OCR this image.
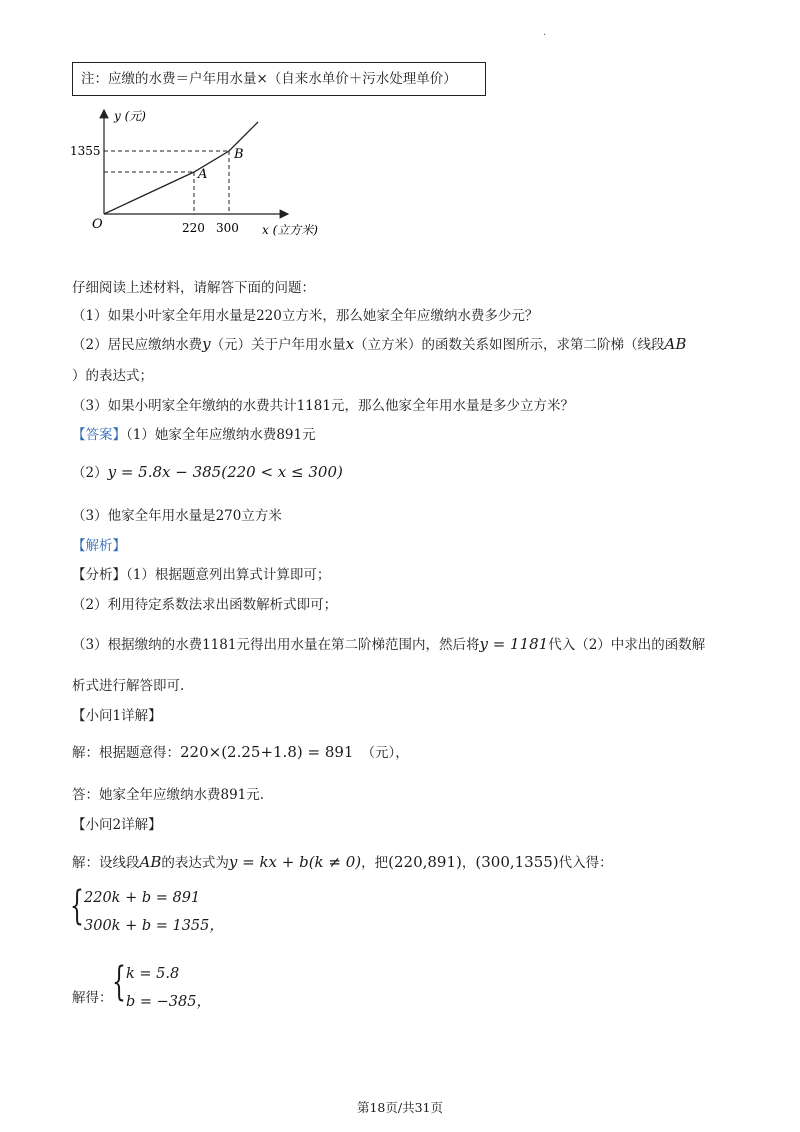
·
注：应缴的水费＝户年用水量×（自来水单价＋污水处理单价）
y (元)
1355
O	220 300 x (立方米)
A
B
仔细阅读上述材料，请解答下面的问题：
（1）如果小叶家全年用水量是220立方米，那么她家全年应缴纳水费多少元？
（2）居民应缴纳水费y（元）关于户年用水量x（立方米）的函数关系如图所示，求第二阶梯（线段AB
）的表达式；
（3）如果小明家全年缴纳的水费共计1181元，那么他家全年用水量是多少立方米？
【答案】（1）她家全年应缴纳水费891元
（2）y = 5.8x − 385(220 < x ≤ 300)
（3）他家全年用水量是270立方米
【解析】
【分析】（1）根据题意列出算式计算即可；
（2）利用待定系数法求出函数解析式即可；
（3）根据缴纳的水费1181元得出用水量在第二阶梯范围内，然后将y = 1181代入（2）中求出的函数解
析式进行解答即可.
【小问1详解】
解：根据题意得：220×(2.25+1.8) = 891 （元），
答：她家全年应缴纳水费891元.
【小问2详解】
解：设线段AB的表达式为y = kx + b(k ≠ 0)，把(220,891)，(300,1355)代入得：
{ 220k + b = 891
300k + b = 1355，
解得： { k = 5.8
b = −385，
第18页/共31页
